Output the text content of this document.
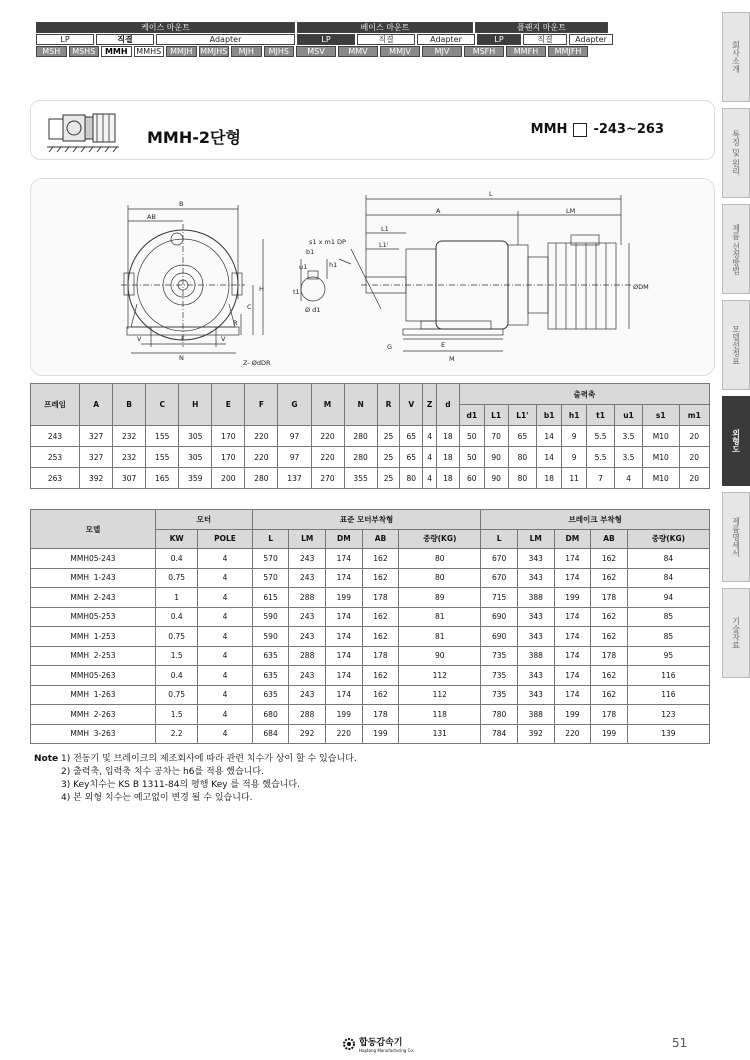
케이스 마운트	베이스 마운트	플랜지 마운트
LP	직결	Adapter	LP	직결	Adapter	LP	직결	Adapter
MSH	MSHS	MMH	MMHS	MMJH MMJHS	MJH	MJHS	MSV	MMV	MMJV	MJV	MSFH	MMFH	MMJFH	회사소개
특징 및 원리
제품 선정방법
모델선정표
외형도
제품명세서
기술자료
MMH-2단형	MMH -243~263
B
AB
H
C
R
V	V
F
N
Z- ØdDR
s1 x m1 DP
b1
u1	h1
t1
Ø d1
L
A	LM
L1
L1'
G	E
M
ØDM
프레임	A	B	C	H	E	F	G	M	N	R	V	Z	d	출력축								
														d1	L1	L1'	b1	h1	t1	u1	s1	m1
243	327	232	155	305	170	220	97	220	280	25	65	4	18	50	70	65	14	9	5.5	3.5	M10	20
253	327	232	155	305	170	220	97	220	280	25	65	4	18	50	90	80	14	9	5.5	3.5	M10	20
263	392	307	165	359	200	280	137	270	355	25	80	4	18	60	90	80	18	11	7	4	M10	20
모델	모터		표준 모터부착형					브레이크 부착형				
	KW	POLE	L	LM	DM	AB	중량(KG)	L	LM	DM	AB	중량(KG)
MMH05-243	0.4	4	570	243	174	162	80	670	343	174	162	84
MMH  1-243	0.75	4	570	243	174	162	80	670	343	174	162	84
MMH  2-243	1	4	615	288	199	178	89	715	388	199	178	94
MMH05-253	0.4	4	590	243	174	162	81	690	343	174	162	85
MMH  1-253	0.75	4	590	243	174	162	81	690	343	174	162	85
MMH  2-253	1.5	4	635	288	174	178	90	735	388	174	178	95
MMH05-263	0.4	4	635	243	174	162	112	735	343	174	162	116
MMH  1-263	0.75	4	635	243	174	162	112	735	343	174	162	116
MMH  2-263	1.5	4	680	288	199	178	118	780	388	199	178	123
MMH  3-263	2.2	4	684	292	220	199	131	784	392	220	199	139
Note 1) 전동기 및 브레이크의 제조회사에 따라 관련 치수가 상이 할 수 있습니다.
2) 출력축, 입력축 치수 공차는 h6를 적용 했습니다.
3) Key치수는 KS B 1311-84의 평행 Key 를 적용 했습니다.
4) 본 외형 치수는 예고없이 변경 될 수 있습니다.
합동감속기
Haptong Manufacturing Co.
51
